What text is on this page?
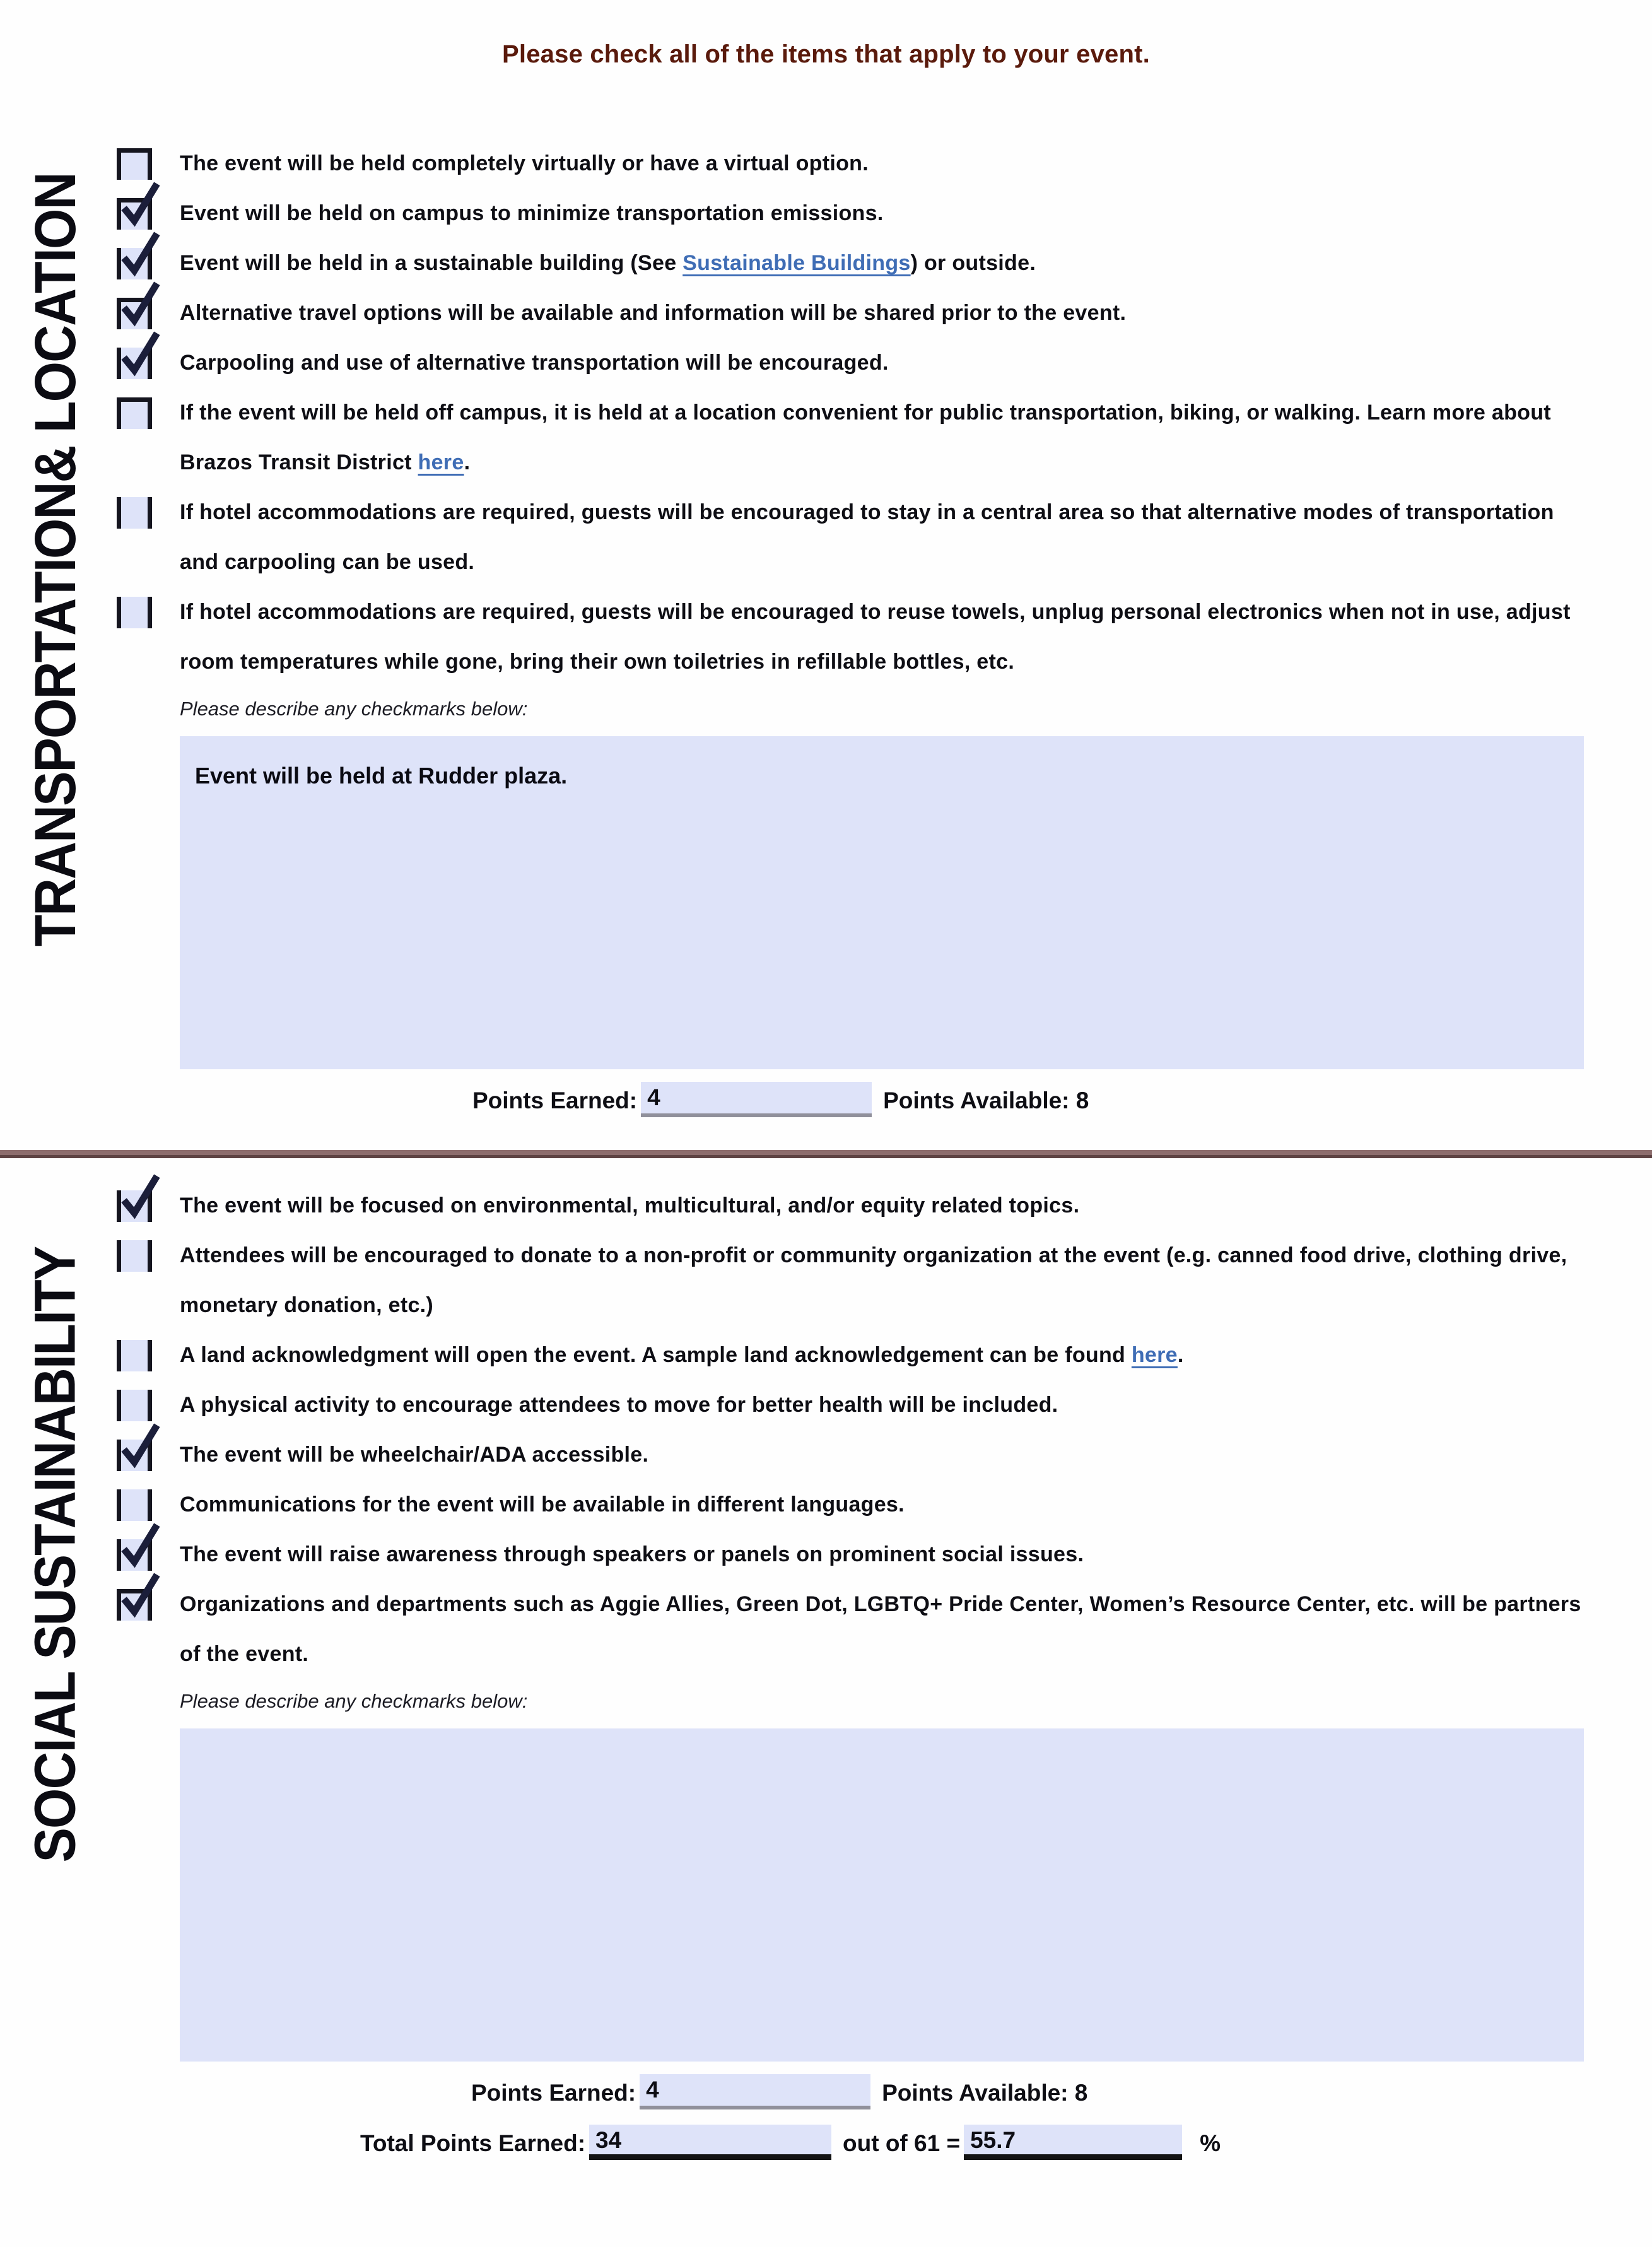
Please check all of the items that apply to your event.
TRANSPORTATION& LOCATION

The event will be held completely virtually or have a virtual option.

Event will be held on campus to minimize transportation emissions.

Event will be held in a sustainable building (See Sustainable Buildings) or outside.

Alternative travel options will be available and information will be shared prior to the event.

Carpooling and use of alternative transportation will be encouraged.

If the event will be held off campus, it is held at a location convenient for public transportation, biking, or walking. Learn more about Brazos Transit District here.

If hotel accommodations are required, guests will be encouraged to stay in a central area so that alternative modes of transportation and carpooling can be used.

If hotel accommodations are required, guests will be encouraged to reuse towels, unplug personal electronics when not in use, adjust room temperatures while gone, bring their own toiletries in refillable bottles, etc.

Please describe any checkmarks below:
Event will be held at Rudder plaza.
Points Earned: 4	Points Available: 8
SOCIAL SUSTAINABILITY

The event will be focused on environmental, multicultural, and/or equity related topics.

Attendees will be encouraged to donate to a non-profit or community organization at the event (e.g. canned food drive, clothing drive, monetary donation, etc.)

A land acknowledgment will open the event. A sample land acknowledgement can be found here.

A physical activity to encourage attendees to move for better health will be included.

The event will be wheelchair/ADA accessible.

Communications for the event will be available in different languages.

The event will raise awareness through speakers or panels on prominent social issues.

Organizations and departments such as Aggie Allies, Green Dot, LGBTQ+ Pride Center, Women’s Resource Center, etc. will be partners of the event.

Please describe any checkmarks below:
Points Earned: 4	Points Available: 8
Total Points Earned: 34	out of 61 = 55.7	%
